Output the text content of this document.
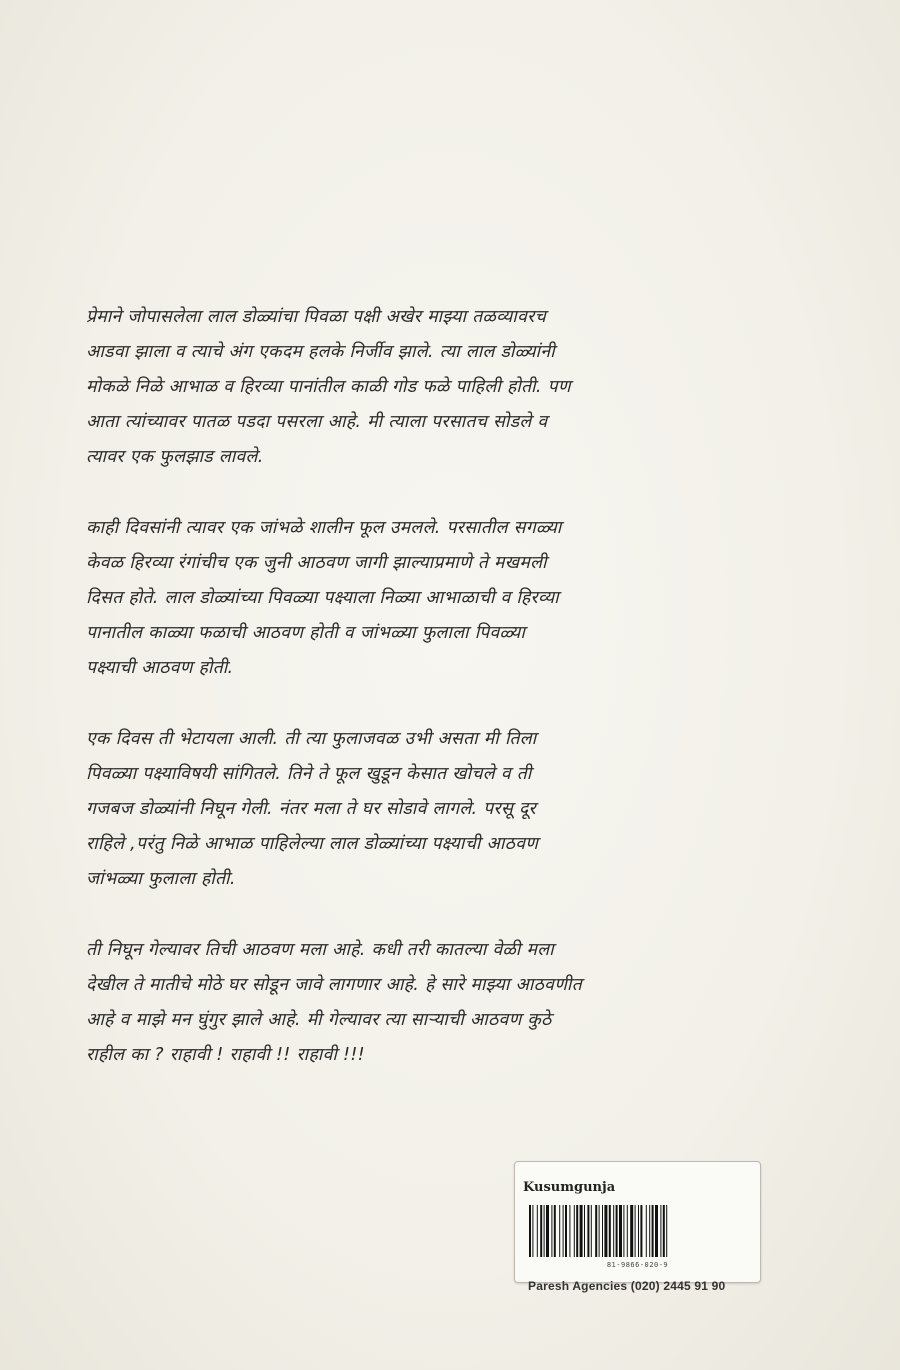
प्रेमाने जोपासलेला लाल डोळ्यांचा पिवळा पक्षी अखेर माझ्या तळव्यावरच
आडवा झाला व त्याचे अंग एकदम हलके निर्जीव झाले. त्या लाल डोळ्यांनी
मोकळे निळे आभाळ व हिरव्या पानांतील काळी गोड फळे पाहिली होती. पण
आता त्यांच्यावर पातळ पडदा पसरला आहे. मी त्याला परसातच सोडले व
त्यावर एक फुलझाड लावले.
काही दिवसांनी त्यावर एक जांभळे शालीन फूल उमलले. परसातील सगळ्या
केवळ हिरव्या रंगांचीच एक जुनी आठवण जागी झाल्याप्रमाणे ते मखमली
दिसत होते. लाल डोळ्यांच्या पिवळ्या पक्ष्याला निळ्या आभाळाची व हिरव्या
पानातील काळ्या फळाची आठवण होती व जांभळ्या फुलाला पिवळ्या
पक्ष्याची आठवण होती.
एक दिवस ती भेटायला आली. ती त्या फुलाजवळ उभी असता मी तिला
पिवळ्या पक्ष्याविषयी सांगितले. तिने ते फूल खुडून केसात खोचले व ती
गजबज डोळ्यांनी निघून गेली. नंतर मला ते घर सोडावे लागले. परसू दूर
राहिले ,परंतु निळे आभाळ पाहिलेल्या लाल डोळ्यांच्या पक्ष्याची आठवण
जांभळ्या फुलाला होती.
ती निघून गेल्यावर तिची आठवण मला आहे. कधी तरी कातल्या वेळी मला
देखील ते मातीचे मोठे घर सोडून जावे लागणार आहे. हे सारे माझ्या आठवणीत
आहे व माझे मन घुंगुर झाले आहे. मी गेल्यावर त्या साऱ्याची आठवण कुठे
राहील का ? राहावी ! राहावी !! राहावी !!!
Kusumgunja
81-9866-020-9
Paresh Agencies (020) 2445 91 90
